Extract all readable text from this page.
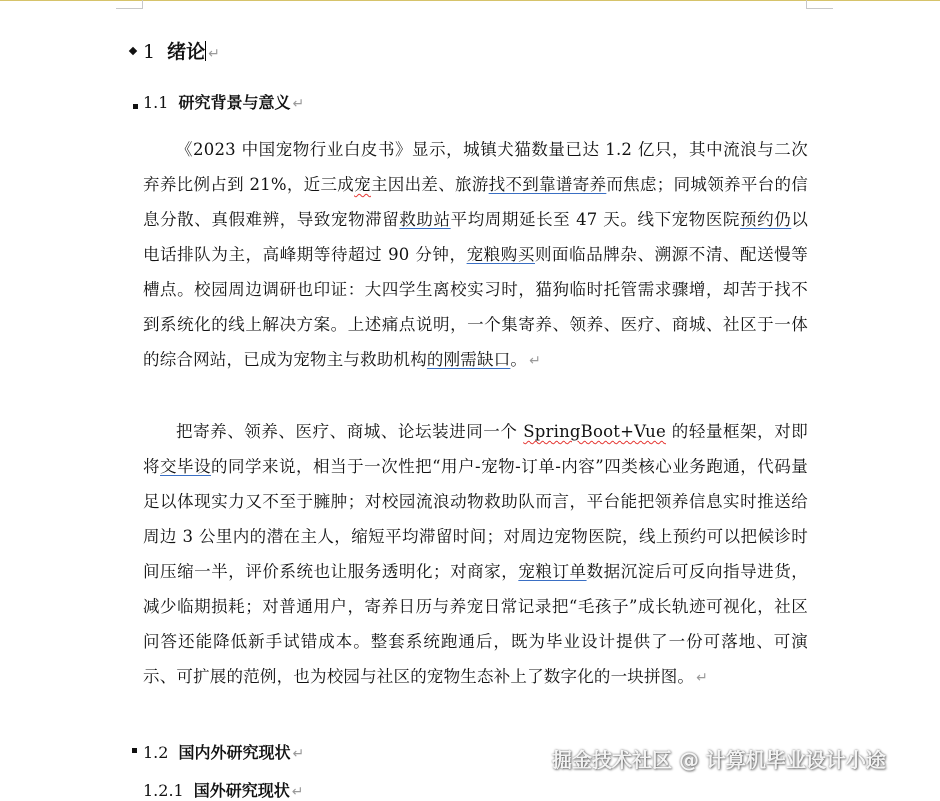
1 绪论 ↵
1.1 研究背景与意义 ↵
《2023 中国宠物行业白皮书》显示，城镇犬猫数量已达 1.2 亿只，其中流浪与二次弃养比例占到 21%，近三成宠主因出差、旅游找不到靠谱寄养而焦虑；同城领养平台的信息分散、真假难辨，导致宠物滞留救助站平均周期延长至 47 天。线下宠物医院预约仍以电话排队为主，高峰期等待超过 90 分钟，宠粮购买则面临品牌杂、溯源不清、配送慢等槽点。校园周边调研也印证：大四学生离校实习时，猫狗临时托管需求骤增，却苦于找不到系统化的线上解决方案。上述痛点说明，一个集寄养、领养、医疗、商城、社区于一体的综合网站，已成为宠物主与救助机构的刚需缺口。 ↵
把寄养、领养、医疗、商城、论坛装进同一个 SpringBoot+Vue 的轻量框架，对即将交毕设的同学来说，相当于一次性把“用户-宠物-订单-内容”四类核心业务跑通，代码量足以体现实力又不至于臃肿；对校园流浪动物救助队而言，平台能把领养信息实时推送给周边 3 公里内的潜在主人，缩短平均滞留时间；对周边宠物医院，线上预约可以把候诊时间压缩一半，评价系统也让服务透明化；对商家，宠粮订单数据沉淀后可反向指导进货，减少临期损耗；对普通用户，寄养日历与养宠日常记录把“毛孩子”成长轨迹可视化，社区问答还能降低新手试错成本。整套系统跑通后，既为毕业设计提供了一份可落地、可演示、可扩展的范例，也为校园与社区的宠物生态补上了数字化的一块拼图。 ↵
1.2 国内外研究现状 ↵
1.2.1 国外研究现状 ↵
掘金技术社区 @ 计算机毕业设计小途
